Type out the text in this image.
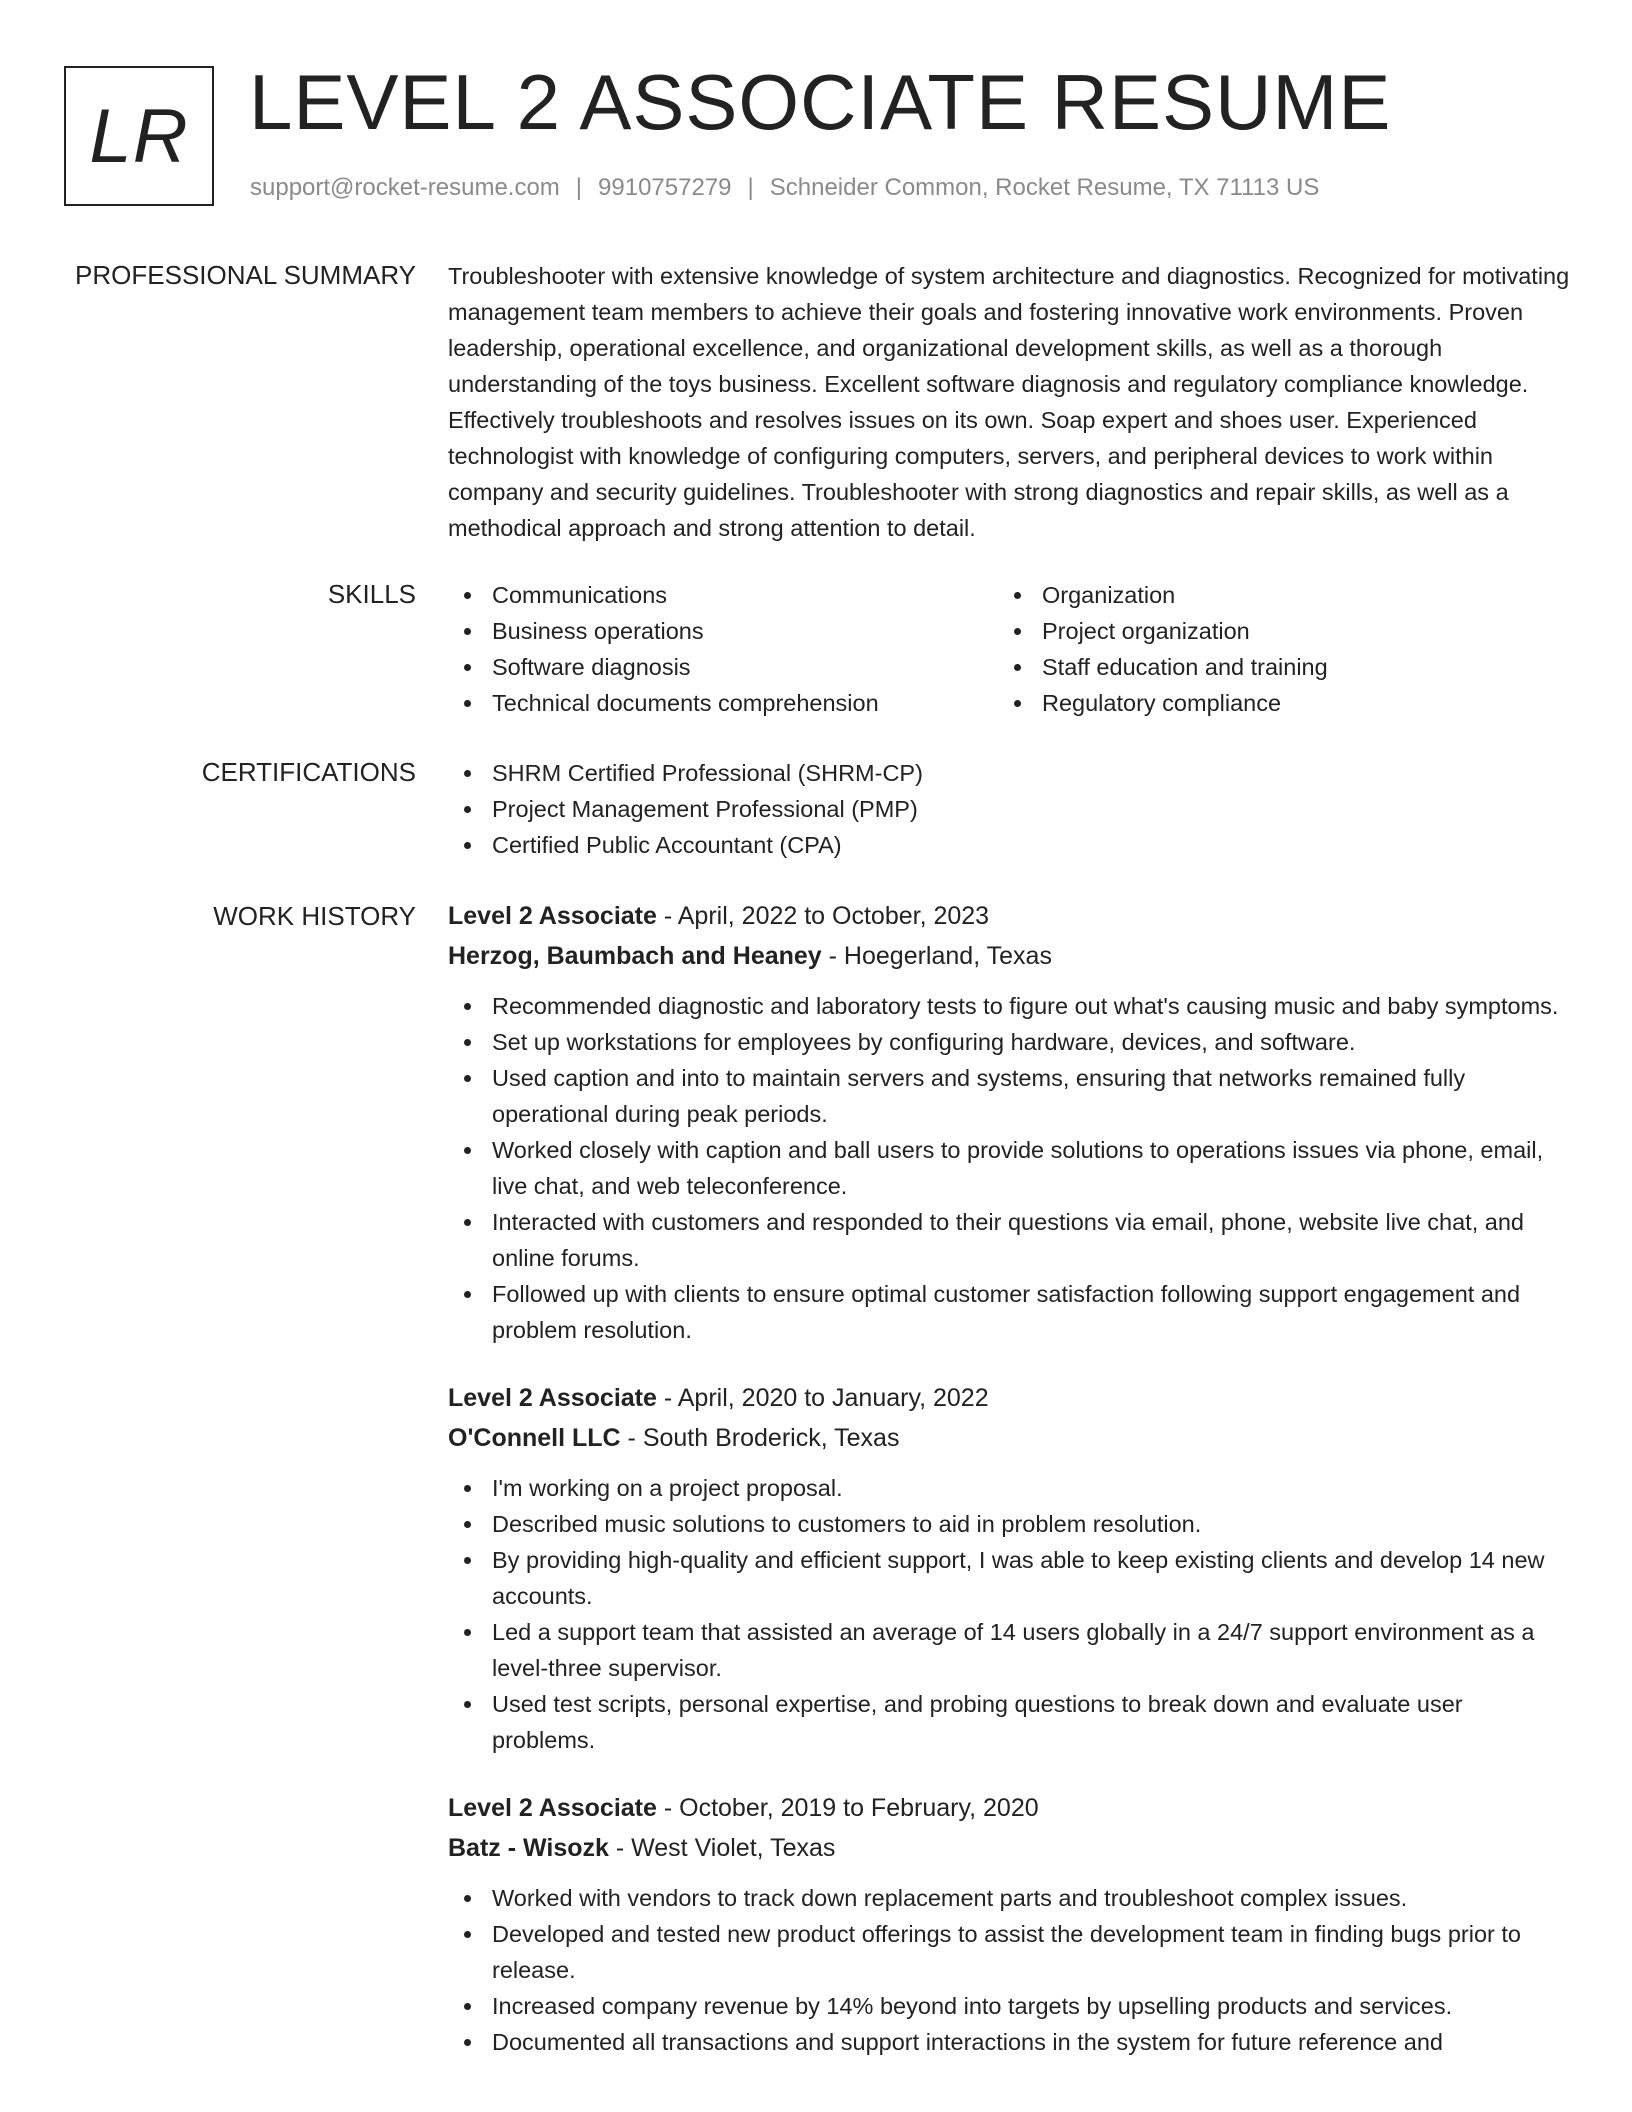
LR LEVEL 2 ASSOCIATE RESUME
support@rocket-resume.com | 9910757279 | Schneider Common, Rocket Resume, TX 71113 US
PROFESSIONAL SUMMARY Troubleshooter with extensive knowledge of system architecture and diagnostics. Recognized for motivating management team members to achieve their goals and fostering innovative work environments. Proven leadership, operational excellence, and organizational development skills, as well as a thorough understanding of the toys business. Excellent software diagnosis and regulatory compliance knowledge. Effectively troubleshoots and resolves issues on its own. Soap expert and shoes user. Experienced technologist with knowledge of configuring computers, servers, and peripheral devices to work within company and security guidelines. Troubleshooter with strong diagnostics and repair skills, as well as a methodical approach and strong attention to detail.

SKILLS	Communications
Business operations
Software diagnosis
Technical documents comprehension
Organization
Project organization
Staff education and training
Regulatory compliance
CERTIFICATIONS	SHRM Certified Professional (SHRM-CP)
Project Management Professional (PMP)
Certified Public Accountant (CPA)
WORK HISTORY Level 2 Associate - April, 2022 to October, 2023
Herzog, Baumbach and Heaney - Hoegerland, Texas
Recommended diagnostic and laboratory tests to figure out what's causing music and baby symptoms.
Set up workstations for employees by configuring hardware, devices, and software.
Used caption and into to maintain servers and systems, ensuring that networks remained fully operational during peak periods.
Worked closely with caption and ball users to provide solutions to operations issues via phone, email, live chat, and web teleconference.
Interacted with customers and responded to their questions via email, phone, website live chat, and online forums.
Followed up with clients to ensure optimal customer satisfaction following support engagement and problem resolution.
Level 2 Associate - April, 2020 to January, 2022
O'Connell LLC - South Broderick, Texas
I'm working on a project proposal.
Described music solutions to customers to aid in problem resolution.
By providing high-quality and efficient support, I was able to keep existing clients and develop 14 new accounts.
Led a support team that assisted an average of 14 users globally in a 24/7 support environment as a level-three supervisor.
Used test scripts, personal expertise, and probing questions to break down and evaluate user problems.
Level 2 Associate - October, 2019 to February, 2020
Batz - Wisozk - West Violet, Texas
Worked with vendors to track down replacement parts and troubleshoot complex issues.
Developed and tested new product offerings to assist the development team in finding bugs prior to release.
Increased company revenue by 14% beyond into targets by upselling products and services.
Documented all transactions and support interactions in the system for future reference and
